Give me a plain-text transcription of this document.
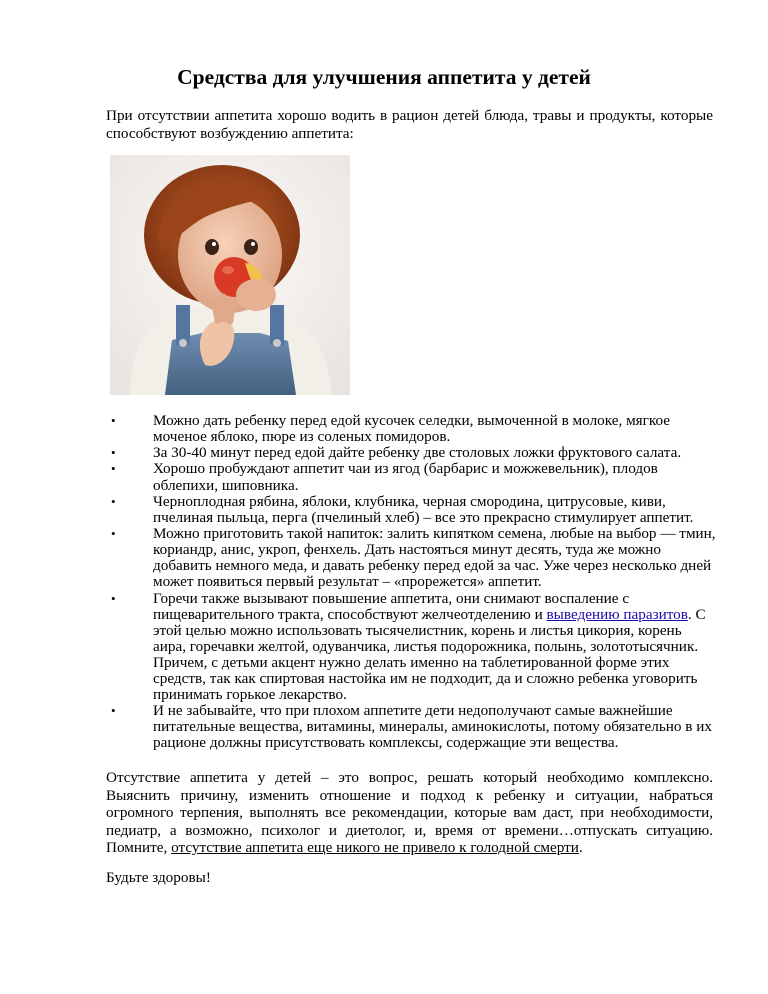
Средства для улучшения аппетита у детей

При отсутствии аппетита хорошо водить в рацион детей блюда, травы и продукты, которые способствуют возбуждению аппетита:

• Можно дать ребенку перед едой кусочек селедки, вымоченной в молоке, мягкое моченое яблоко, пюре из соленых помидоров.
• За 30-40 минут перед едой дайте ребенку две столовых ложки фруктового салата.
• Хорошо пробуждают аппетит чаи из ягод (барбарис и можжевельник), плодов облепихи, шиповника.
• Черноплодная рябина, яблоки, клубника, черная смородина, цитрусовые, киви, пчелиная пыльца, перга (пчелиный хлеб) – все это прекрасно стимулирует аппетит.
• Можно приготовить такой напиток: залить кипятком семена, любые на выбор — тмин, кориандр, анис, укроп, фенхель. Дать настояться минут десять, туда же можно добавить немного меда, и давать ребенку перед едой за час. Уже через несколько дней может появиться первый результат – «прорежется» аппетит.
• Горечи также вызывают повышение аппетита, они снимают воспаление с пищеварительного тракта, способствуют желчеотделению и выведению паразитов. С этой целью можно использовать тысячелистник, корень и листья цикория, корень аира, горечавки желтой, одуванчика, листья подорожника, полынь, золототысячник. Причем, с детьми акцент нужно делать именно на таблетированной форме этих средств, так как спиртовая настойка им не подходит, да и сложно ребенка уговорить принимать горькое лекарство.
• И не забывайте, что при плохом аппетите дети недополучают самые важнейшие питательные вещества, витамины, минералы, аминокислоты, потому обязательно в их рационе должны присутствовать комплексы, содержащие эти вещества.

Отсутствие аппетита у детей – это вопрос, решать который необходимо комплексно. Выяснить причину, изменить отношение и подход к ребенку и ситуации, набраться огромного терпения, выполнять все рекомендации, которые вам даст, при необходимости, педиатр, а возможно, психолог и диетолог, и, время от времени…отпускать ситуацию. Помните, отсутствие аппетита еще никого не привело к голодной смерти.

Будьте здоровы!
